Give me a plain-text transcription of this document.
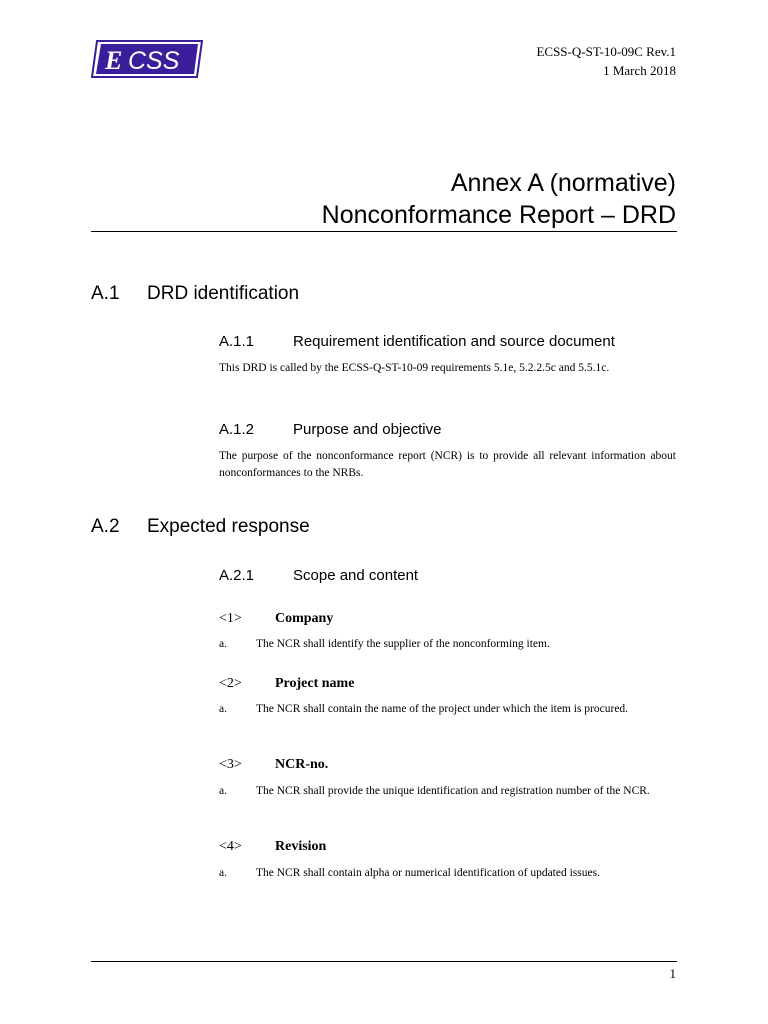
E CSS	ECSS-Q-ST-10-09C Rev.1
1 March 2018
Annex A (normative)
Nonconformance Report – DRD
A.1 DRD identification
A.1.1	Requirement identification and source document
This DRD is called by the ECSS-Q-ST-10-09 requirements 5.1e, 5.2.2.5c and 5.5.1c.
A.1.2	Purpose and objective
The purpose of the nonconformance report (NCR) is to provide all relevant information about nonconformances to the NRBs.
A.2 Expected response
A.2.1	Scope and content
<1> Company
a.	The NCR shall identify the supplier of the nonconforming item.
<2> Project name
a.	The NCR shall contain the name of the project under which the item is procured.
<3> NCR-no.
a.	The NCR shall provide the unique identification and registration number of the NCR.
<4> Revision
a.	The NCR shall contain alpha or numerical identification of updated issues.
1
